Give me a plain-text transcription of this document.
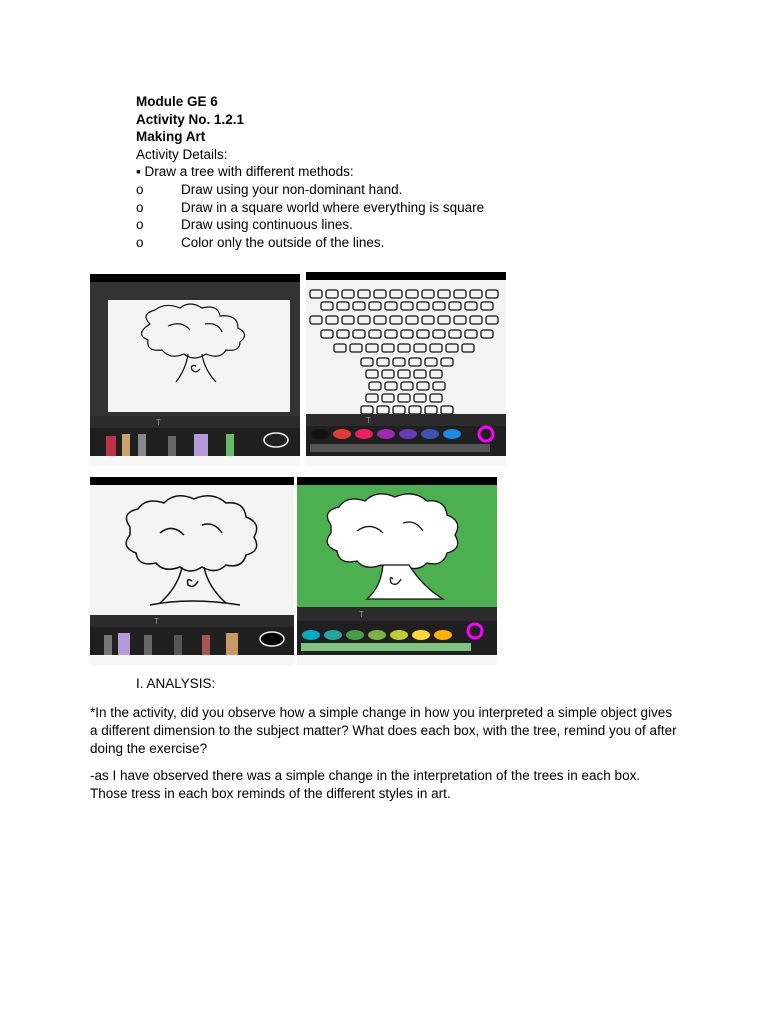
Module GE 6
Activity No. 1.2.1
Making Art
Activity Details:
▪ Draw a tree with different methods:
o	Draw using your non-dominant hand.
o	Draw in a square world where everything is square
o	Draw using continuous lines.
o	Color only the outside of the lines.
T	T
T
T
I. ANALYSIS:
*In the activity, did you observe how a simple change in how you interpreted a simple object gives a different dimension to the subject matter? What does each box, with the tree, remind you of after doing the exercise?
-as I have observed there was a simple change in the interpretation of the trees in each box. Those tress in each box reminds of the different styles in art.
